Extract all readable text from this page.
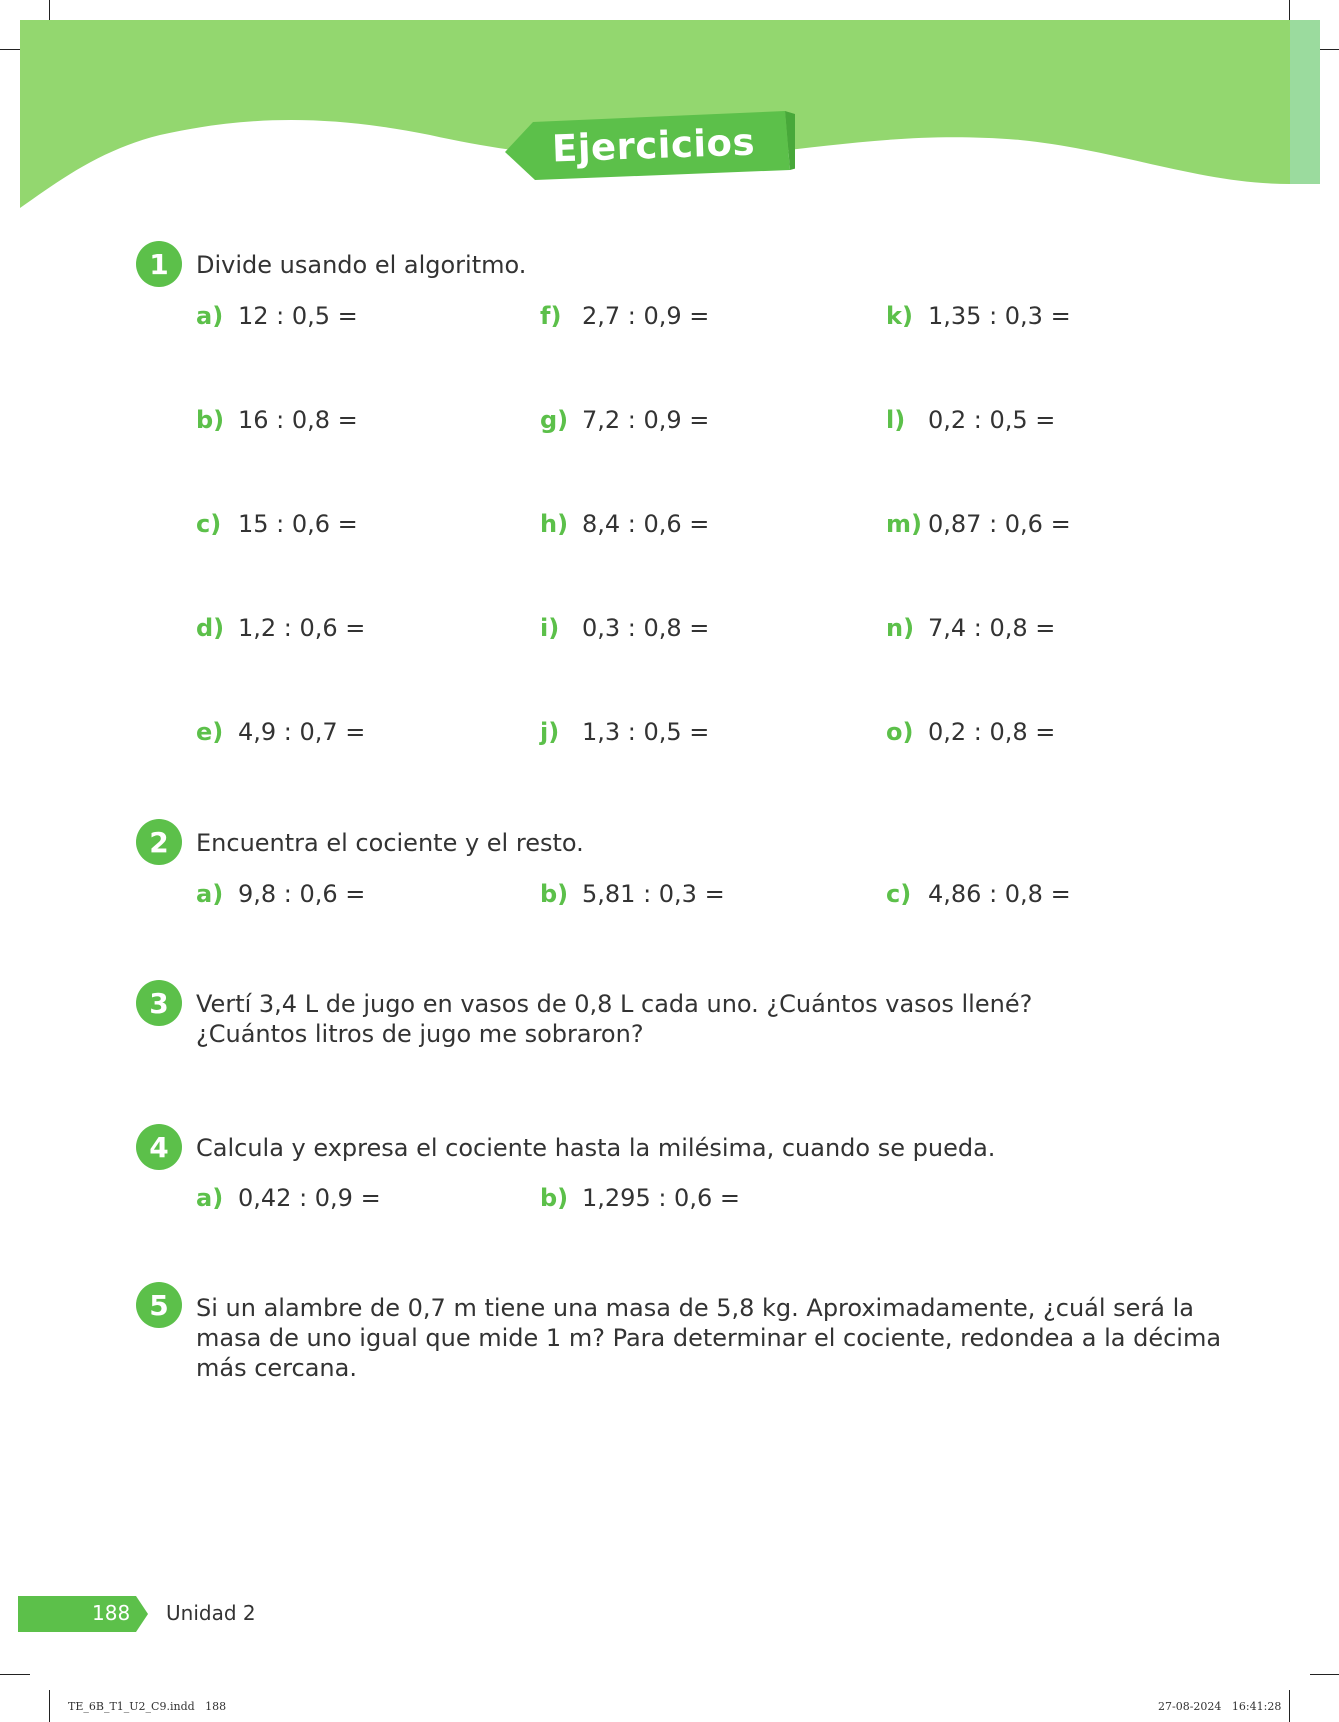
Ejercicios
1	Divide usando el algoritmo.
a) 12 : 0,5 =
b) 16 : 0,8 =
c) 15 : 0,6 =
d) 1,2 : 0,6 =
e) 4,9 : 0,7 =
f) 2,7 : 0,9 =
g) 7,2 : 0,9 =
h) 8,4 : 0,6 =
i) 0,3 : 0,8 =
j) 1,3 : 0,5 =
k) 1,35 : 0,3 =
l) 0,2 : 0,5 =
m) 0,87 : 0,6 =
n) 7,4 : 0,8 =
o) 0,2 : 0,8 =
2	Encuentra el cociente y el resto.
a) 9,8 : 0,6 =	b) 5,81 : 0,3 =	c) 4,86 : 0,8 =
3	Vertí 3,4 L de jugo en vasos de 0,8 L cada uno. ¿Cuántos vasos llené?
¿Cuántos litros de jugo me sobraron?
4	Calcula y expresa el cociente hasta la milésima, cuando se pueda.
a) 0,42 : 0,9 =	b) 1,295 : 0,6 =
5	Si un alambre de 0,7 m tiene una masa de 5,8 kg. Aproximadamente, ¿cuál será la
masa de uno igual que mide 1 m? Para determinar el cociente, redondea a la décima
más cercana.
188 Unidad 2
TE_6B_T1_U2_C9.indd   188	27-08-2024   16:41:28
